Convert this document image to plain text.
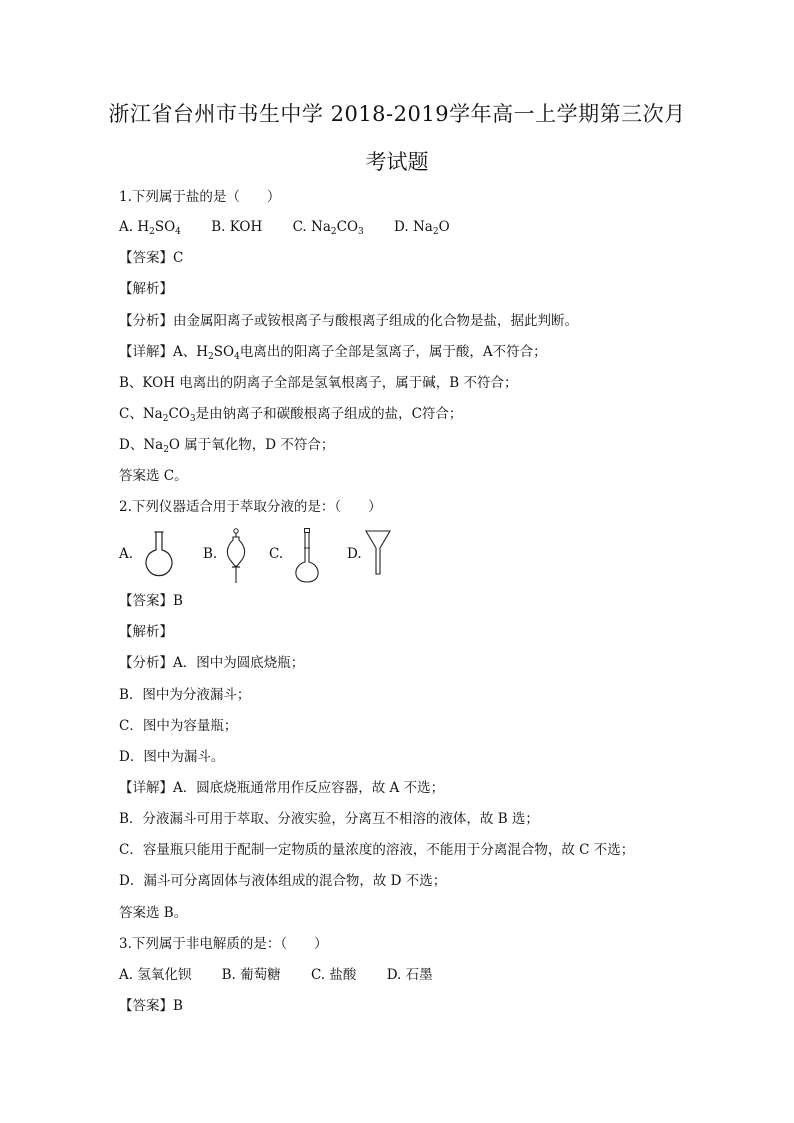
浙江省台州市书生中学 2018-2019学年高一上学期第三次月
考试题
1.下列属于盐的是（　　）
A. $H_2SO_4$ B. KOH C. $Na_2CO_3$ D. $Na_2O$
【答案】C
【解析】
【分析】由金属阳离子或铵根离子与酸根离子组成的化合物是盐，据此判断。
【详解】A、$H_2SO_4$电离出的阳离子全部是氢离子，属于酸，A不符合；
B、KOH 电离出的阴离子全部是氢氧根离子，属于碱，B 不符合；
C、$Na_2CO_3$是由钠离子和碳酸根离子组成的盐，C符合；
D、$Na_2O$ 属于氧化物，D 不符合；
答案选 C。
2.下列仪器适合用于萃取分液的是：（　　）
A.	B.	C.	D.
【答案】B
【解析】
【分析】A．图中为圆底烧瓶；
B．图中为分液漏斗；
C．图中为容量瓶；
D．图中为漏斗。
【详解】A．圆底烧瓶通常用作反应容器，故 A 不选；
B．分液漏斗可用于萃取、分液实验，分离互不相溶的液体，故 B 选；
C．容量瓶只能用于配制一定物质的量浓度的溶液，不能用于分离混合物，故 C 不选；
D．漏斗可分离固体与液体组成的混合物，故 D 不选；
答案选 B。
3.下列属于非电解质的是：（　　）
A. 氢氧化钡 B. 葡萄糖 C. 盐酸 D. 石墨
【答案】B
